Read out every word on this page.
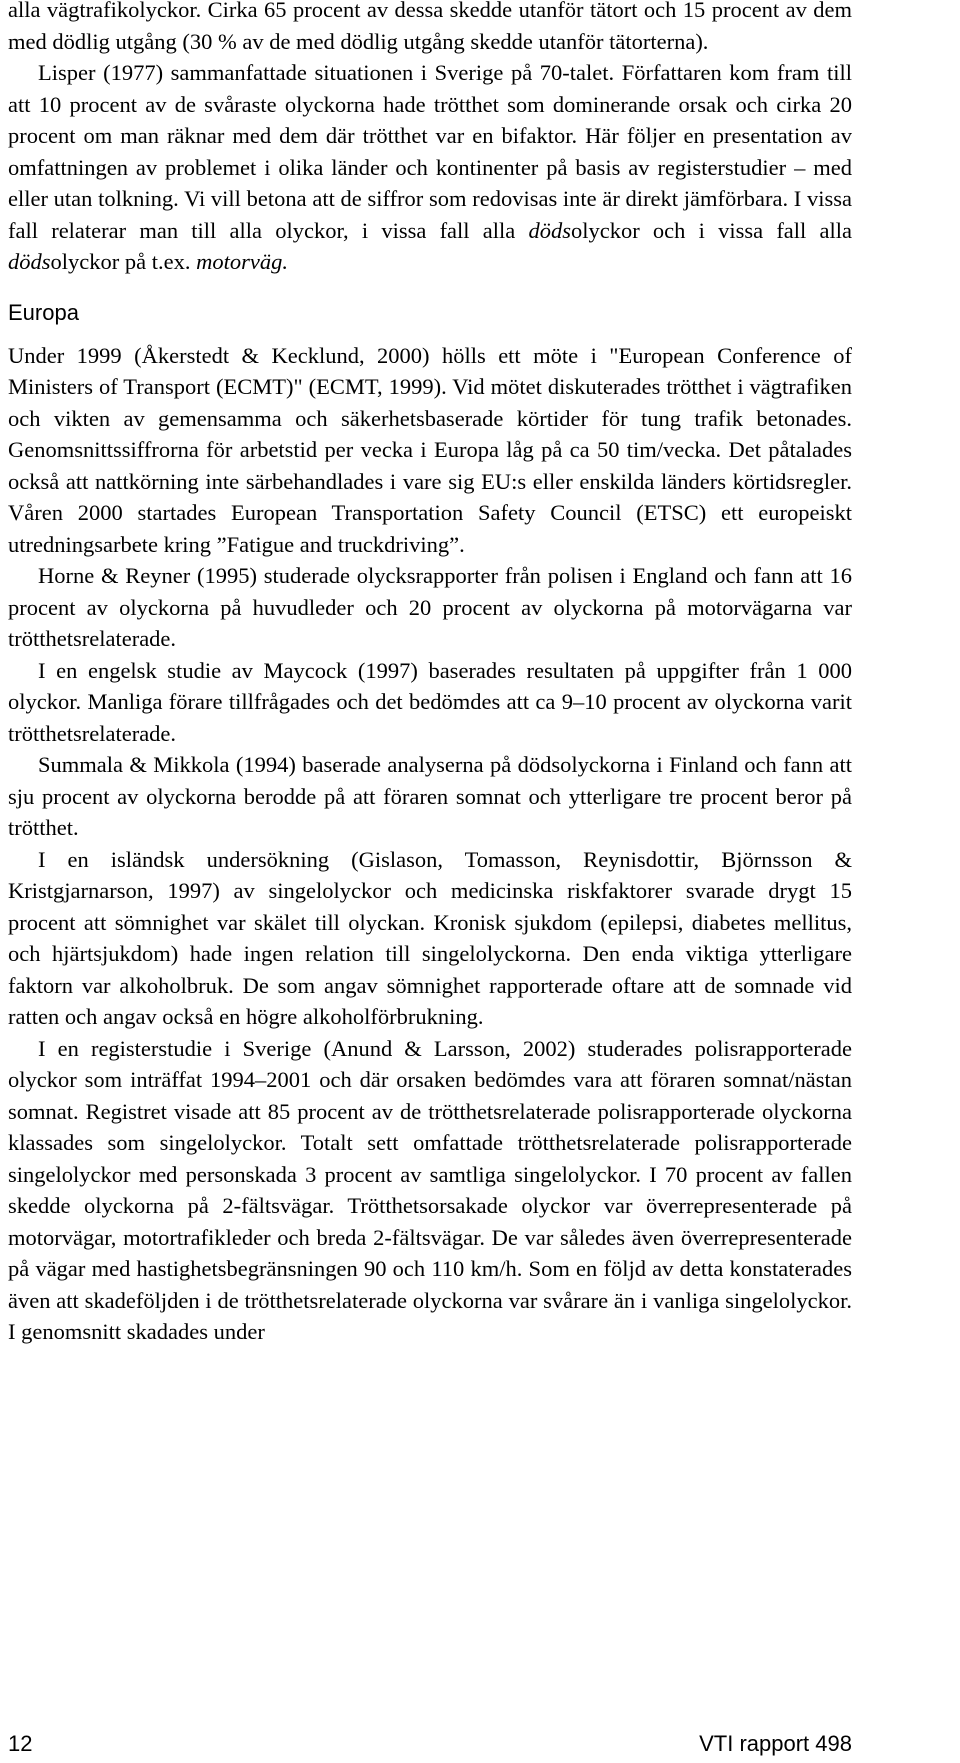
alla vägtrafikolyckor. Cirka 65 procent av dessa skedde utanför tätort och 15 procent av dem med dödlig utgång (30 % av de med dödlig utgång skedde utanför tätorterna).

Lisper (1977) sammanfattade situationen i Sverige på 70-talet. Författaren kom fram till att 10 procent av de svåraste olyckorna hade trötthet som dominerande orsak och cirka 20 procent om man räknar med dem där trötthet var en bifaktor. Här följer en presentation av omfattningen av problemet i olika länder och kontinenter på basis av registerstudier – med eller utan tolkning. Vi vill betona att de siffror som redovisas inte är direkt jämförbara. I vissa fall relaterar man till alla olyckor, i vissa fall alla dödsolyckor och i vissa fall alla dödsolyckor på t.ex. motorväg.

Europa

Under 1999 (Åkerstedt & Kecklund, 2000) hölls ett möte i "European Conference of Ministers of Transport (ECMT)" (ECMT, 1999). Vid mötet diskuterades trötthet i vägtrafiken och vikten av gemensamma och säkerhetsbaserade körtider för tung trafik betonades. Genomsnittssiffrorna för arbetstid per vecka i Europa låg på ca 50 tim/vecka. Det påtalades också att nattkörning inte särbehandlades i vare sig EU:s eller enskilda länders körtidsregler. Våren 2000 startades European Transportation Safety Council (ETSC) ett europeiskt utredningsarbete kring ”Fatigue and truckdriving”.

Horne & Reyner (1995) studerade olycksrapporter från polisen i England och fann att 16 procent av olyckorna på huvudleder och 20 procent av olyckorna på motorvägarna var trötthetsrelaterade.

I en engelsk studie av Maycock (1997) baserades resultaten på uppgifter från 1 000 olyckor. Manliga förare tillfrågades och det bedömdes att ca 9–10 procent av olyckorna varit trötthetsrelaterade.

Summala & Mikkola (1994) baserade analyserna på dödsolyckorna i Finland och fann att sju procent av olyckorna berodde på att föraren somnat och ytterligare tre procent beror på trötthet.

I en isländsk undersökning (Gislason, Tomasson, Reynisdottir, Björnsson & Kristgjarnarson, 1997) av singelolyckor och medicinska riskfaktorer svarade drygt 15 procent att sömnighet var skälet till olyckan. Kronisk sjukdom (epilepsi, diabetes mellitus, och hjärtsjukdom) hade ingen relation till singelolyckorna. Den enda viktiga ytterligare faktorn var alkoholbruk. De som angav sömnighet rapporterade oftare att de somnade vid ratten och angav också en högre alkoholförbrukning.

I en registerstudie i Sverige (Anund & Larsson, 2002) studerades polisrapporterade olyckor som inträffat 1994–2001 och där orsaken bedömdes vara att föraren somnat/nästan somnat. Registret visade att 85 procent av de trötthetsrelaterade polisrapporterade olyckorna klassades som singelolyckor. Totalt sett omfattade trötthetsrelaterade polisrapporterade singelolyckor med personskada 3 procent av samtliga singelolyckor. I 70 procent av fallen skedde olyckorna på 2-fältsvägar. Trötthetsorsakade olyckor var överrepresenterade på motorvägar, motortrafikleder och breda 2-fältsvägar. De var således även överrepresenterade på vägar med hastighetsbegränsningen 90 och 110 km/h. Som en följd av detta konstaterades även att skadeföljden i de trötthetsrelaterade olyckorna var svårare än i vanliga singelolyckor. I genomsnitt skadades under

12	VTI rapport 498
